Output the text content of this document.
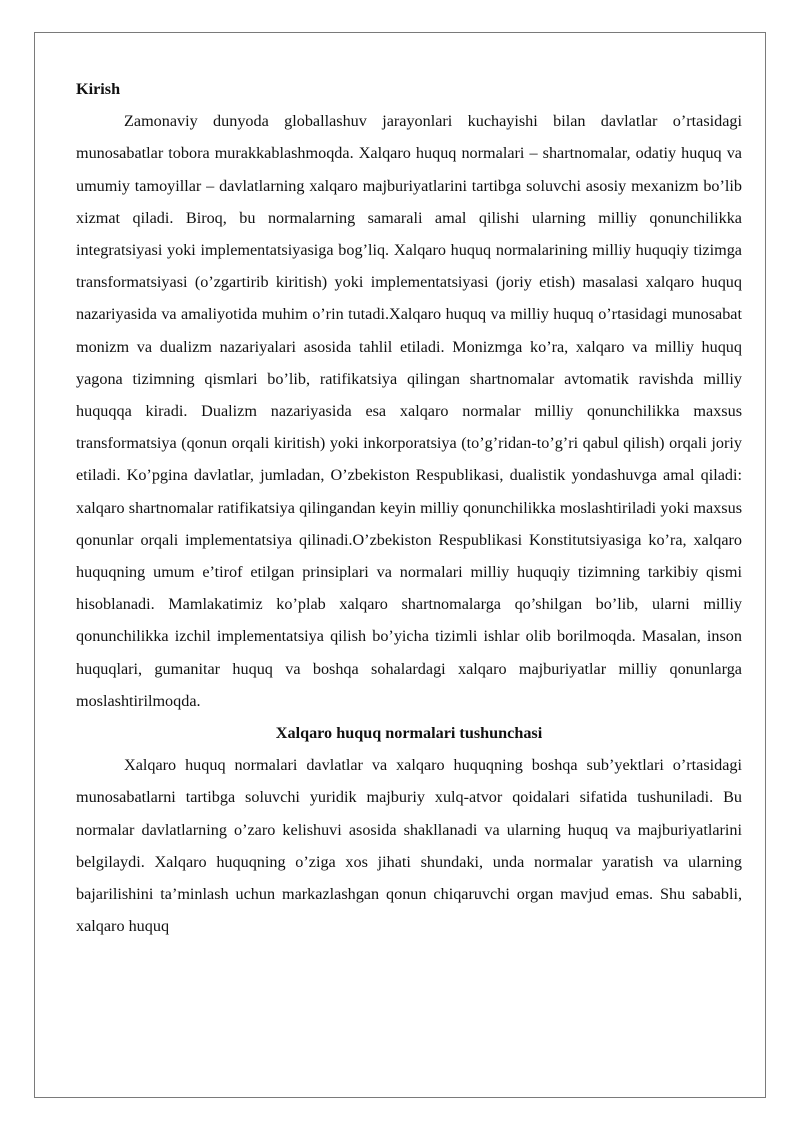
Kirish

Zamonaviy dunyoda globallashuv jarayonlari kuchayishi bilan davlatlar o’rtasidagi munosabatlar tobora murakkablashmoqda. Xalqaro huquq normalari – shartnomalar, odatiy huquq va umumiy tamoyillar – davlatlarning xalqaro majburiyatlarini tartibga soluvchi asosiy mexanizm bo’lib xizmat qiladi. Biroq, bu normalarning samarali amal qilishi ularning milliy qonunchilikka integratsiyasi yoki implementatsiyasiga bog’liq. Xalqaro huquq normalarining milliy huquqiy tizimga transformatsiyasi (o’zgartirib kiritish) yoki implementatsiyasi (joriy etish) masalasi xalqaro huquq nazariyasida va amaliyotida muhim o’rin tutadi.Xalqaro huquq va milliy huquq o’rtasidagi munosabat monizm va dualizm nazariyalari asosida tahlil etiladi. Monizmga ko’ra, xalqaro va milliy huquq yagona tizimning qismlari bo’lib, ratifikatsiya qilingan shartnomalar avtomatik ravishda milliy huquqqa kiradi. Dualizm nazariyasida esa xalqaro normalar milliy qonunchilikka maxsus transformatsiya (qonun orqali kiritish) yoki inkorporatsiya (to’g’ridan-to’g’ri qabul qilish) orqali joriy etiladi. Ko’pgina davlatlar, jumladan, O’zbekiston Respublikasi, dualistik yondashuvga amal qiladi: xalqaro shartnomalar ratifikatsiya qilingandan keyin milliy qonunchilikka moslashtiriladi yoki maxsus qonunlar orqali implementatsiya qilinadi.O’zbekiston Respublikasi Konstitutsiyasiga ko’ra, xalqaro huquqning umum e’tirof etilgan prinsiplari va normalari milliy huquqiy tizimning tarkibiy qismi hisoblanadi. Mamlakatimiz ko’plab xalqaro shartnomalarga qo’shilgan bo’lib, ularni milliy qonunchilikka izchil implementatsiya qilish bo’yicha tizimli ishlar olib borilmoqda. Masalan, inson huquqlari, gumanitar huquq va boshqa sohalardagi xalqaro majburiyatlar milliy qonunlarga moslashtirilmoqda.

Xalqaro huquq normalari tushunchasi

Xalqaro huquq normalari davlatlar va xalqaro huquqning boshqa sub’yektlari o’rtasidagi munosabatlarni tartibga soluvchi yuridik majburiy xulq-atvor qoidalari sifatida tushuniladi. Bu normalar davlatlarning o’zaro kelishuvi asosida shakllanadi va ularning huquq va majburiyatlarini belgilaydi. Xalqaro huquqning o’ziga xos jihati shundaki, unda normalar yaratish va ularning bajarilishini ta’minlash uchun markazlashgan qonun chiqaruvchi organ mavjud emas. Shu sababli, xalqaro huquq
